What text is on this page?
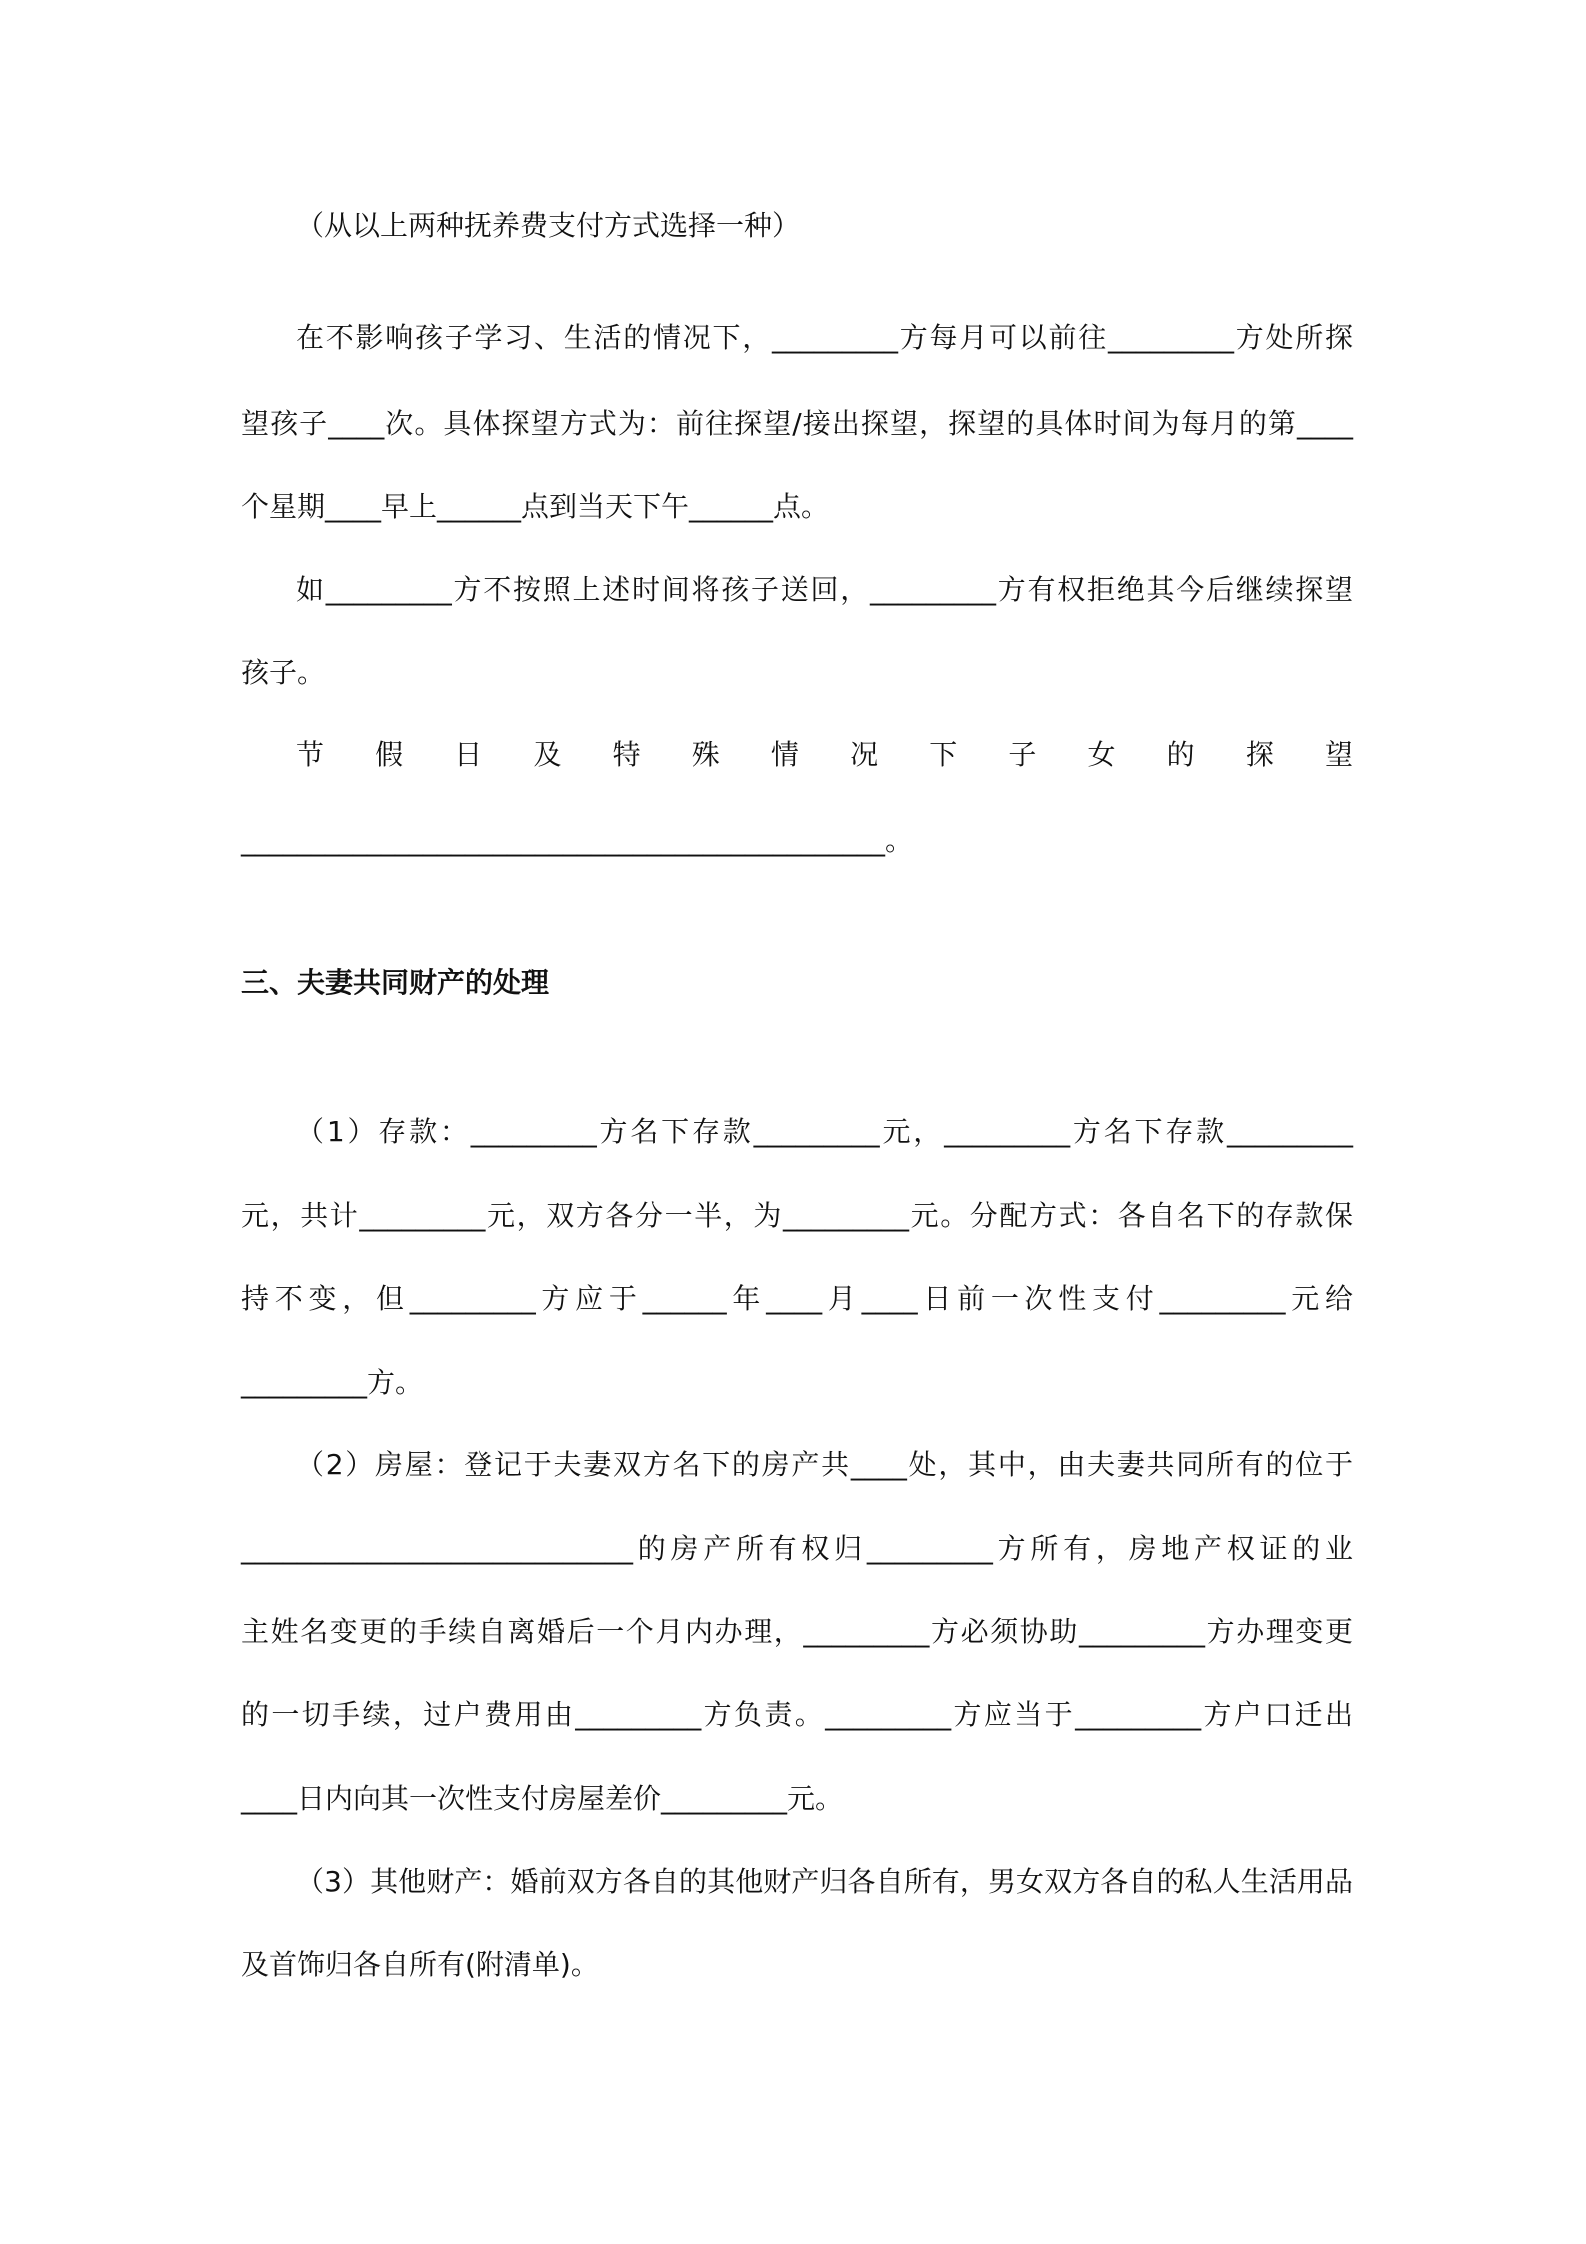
（从以上两种抚养费支付方式选择一种）
在不影响孩子学习、生活的情况下，_________方每月可以前往_________方处所探
望孩子____次。具体探望方式为：前往探望/接出探望，探望的具体时间为每月的第____
个星期____早上______点到当天下午______点。
如_________方不按照上述时间将孩子送回，_________方有权拒绝其今后继续探望
孩子。
节 假 日 及 特 殊 情 况 下 子 女 的 探 望
______________________________________________。
三、夫妻共同财产的处理
（1）存款：_________方名下存款_________元，_________方名下存款_________
元，共计_________元，双方各分一半，为_________元。分配方式：各自名下的存款保
持不变，但_________方应于______年____月____日前一次性支付_________元给
_________方。
（2）房屋：登记于夫妻双方名下的房产共____处，其中，由夫妻共同所有的位于
____________________________的房产所有权归_________方所有，房地产权证的业
主姓名变更的手续自离婚后一个月内办理，_________方必须协助_________方办理变更
的一切手续，过户费用由_________方负责。_________方应当于_________方户口迁出
____日内向其一次性支付房屋差价_________元。
（3）其他财产：婚前双方各自的其他财产归各自所有，男女双方各自的私人生活用品
及首饰归各自所有(附清单)。
